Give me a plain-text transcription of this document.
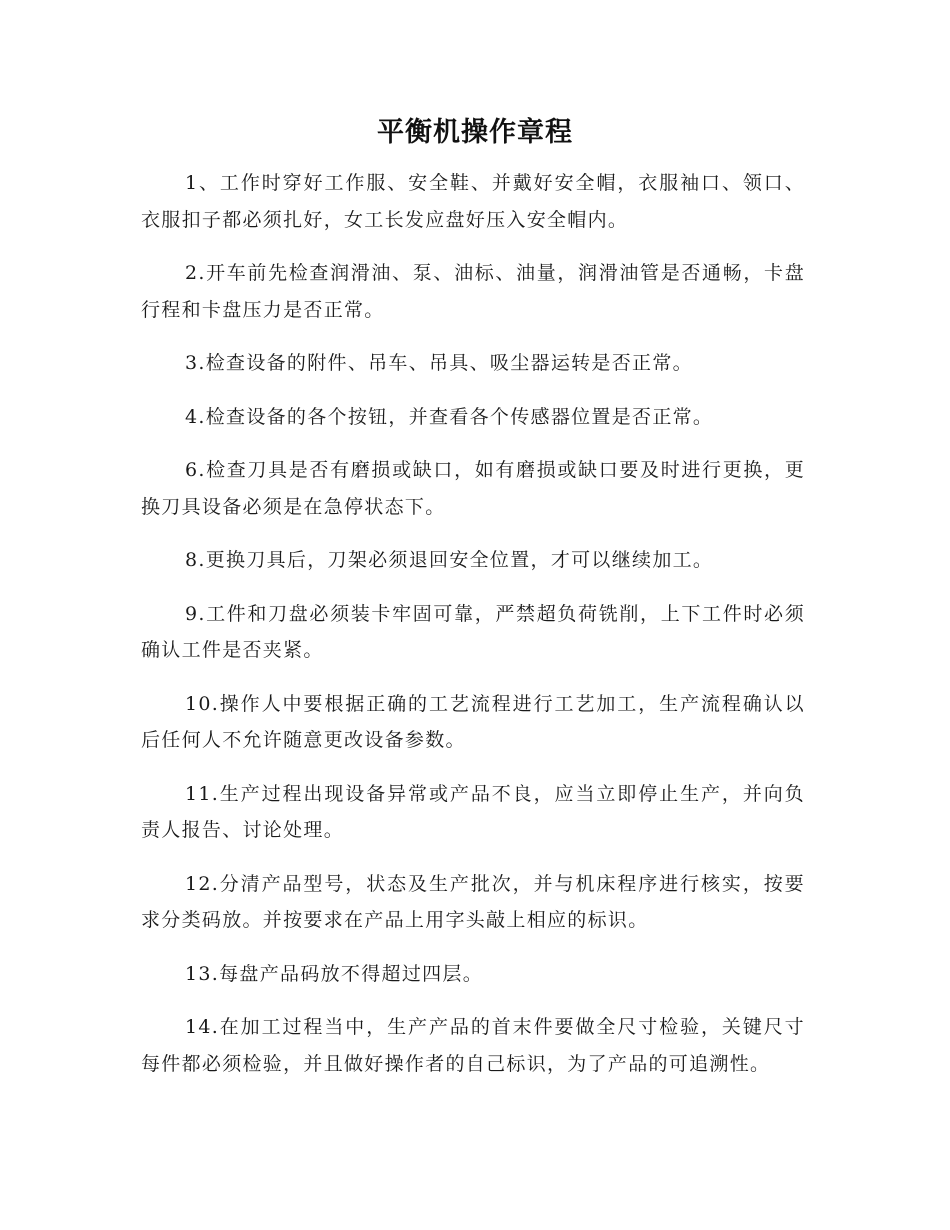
平衡机操作章程

1、工作时穿好工作服、安全鞋、并戴好安全帽，衣服袖口、领口、衣服扣子都必须扎好，女工长发应盘好压入安全帽内。

2.开车前先检查润滑油、泵、油标、油量，润滑油管是否通畅，卡盘行程和卡盘压力是否正常。

3.检查设备的附件、吊车、吊具、吸尘器运转是否正常。

4.检查设备的各个按钮，并查看各个传感器位置是否正常。

6.检查刀具是否有磨损或缺口，如有磨损或缺口要及时进行更换，更换刀具设备必须是在急停状态下。

8.更换刀具后，刀架必须退回安全位置，才可以继续加工。

9.工件和刀盘必须装卡牢固可靠，严禁超负荷铣削，上下工件时必须确认工件是否夹紧。

10.操作人中要根据正确的工艺流程进行工艺加工，生产流程确认以后任何人不允许随意更改设备参数。

11.生产过程出现设备异常或产品不良，应当立即停止生产，并向负责人报告、讨论处理。

12.分清产品型号，状态及生产批次，并与机床程序进行核实，按要求分类码放。并按要求在产品上用字头敲上相应的标识。

13.每盘产品码放不得超过四层。

14.在加工过程当中，生产产品的首末件要做全尺寸检验，关键尺寸每件都必须检验，并且做好操作者的自己标识，为了产品的可追溯性。
